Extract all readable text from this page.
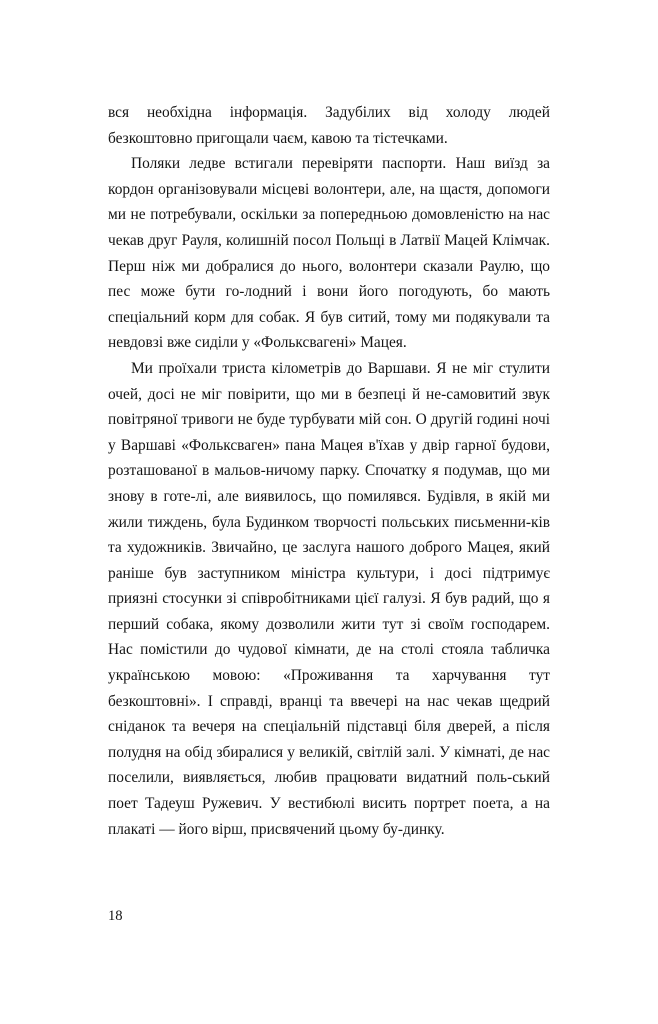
вся необхідна інформація. Задубілих від холоду людей безкоштовно пригощали чаєм, кавою та тістечками.

Поляки ледве встигали перевіряти паспорти. Наш виїзд за кордон організовували місцеві волонтери, але, на щастя, допомоги ми не потребували, оскільки за попередньою домовленістю на нас чекав друг Рауля, колишній посол Польщі в Латвії Мацей Клімчак. Перш ніж ми добралися до нього, волонтери сказали Раулю, що пес може бути го-лодний і вони його погодують, бо мають спеціальний корм для собак. Я був ситий, тому ми подякували та невдовзі вже сиділи у «Фольксвагені» Мацея.

Ми проїхали триста кілометрів до Варшави. Я не міг стулити очей, досі не міг повірити, що ми в безпеці й не-самовитий звук повітряної тривоги не буде турбувати мій сон. О другій годині ночі у Варшаві «Фольксваген» пана Мацея в'їхав у двір гарної будови, розташованої в мальов-ничому парку. Спочатку я подумав, що ми знову в готе-лі, але виявилось, що помилявся. Будівля, в якій ми жили тиждень, була Будинком творчості польських письменни-ків та художників. Звичайно, це заслуга нашого доброго Мацея, який раніше був заступником міністра культури, і досі підтримує приязні стосунки зі співробітниками цієї галузі. Я був радий, що я перший собака, якому дозволили жити тут зі своїм господарем. Нас помістили до чудової кімнати, де на столі стояла табличка українською мовою: «Проживання та харчування тут безкоштовні». І справді, вранці та ввечері на нас чекав щедрий сніданок та вечеря на спеціальній підставці біля дверей, а після полудня на обід збиралися у великій, світлій залі. У кімнаті, де нас поселили, виявляється, любив працювати видатний поль-ський поет Тадеуш Ружевич. У вестибюлі висить портрет поета, а на плакаті — його вірш, присвячений цьому бу-динку.

18
